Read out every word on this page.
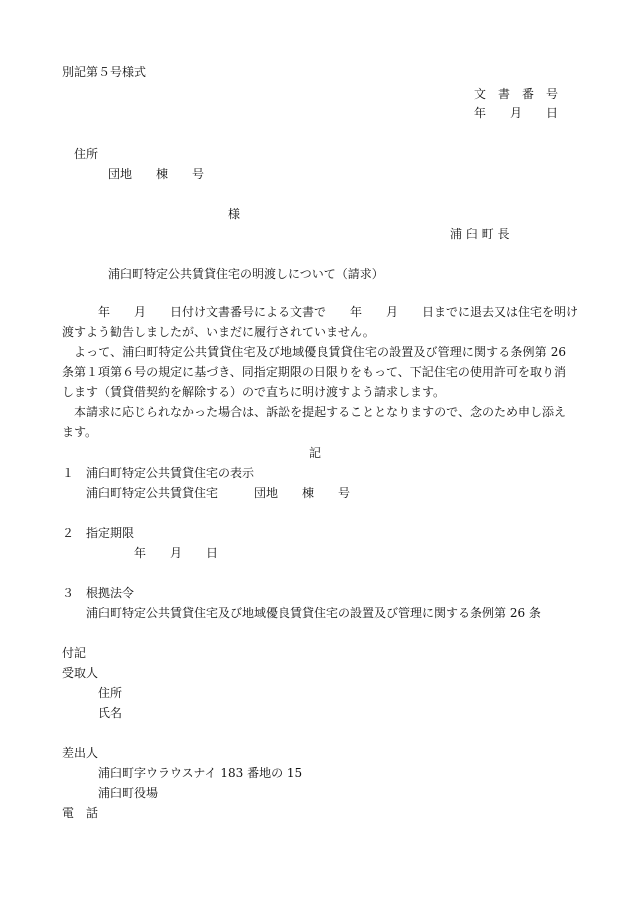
別記第５号様式
文　書　番　号
年　　月　　日
住所
団地　　棟　　号
様
浦 臼 町 長
浦臼町特定公共賃貸住宅の明渡しについて（請求）
年　　月　　日付け文書番号による文書で　　年　　月　　日までに退去又は住宅を明け
渡すよう勧告しましたが、いまだに履行されていません。
よって、浦臼町特定公共賃貸住宅及び地域優良賃貸住宅の設置及び管理に関する条例第 26 条第１項第６号の規定に基づき、同指定期限の日限りをもって、下記住宅の使用許可を取り消します（賃貸借契約を解除する）ので直ちに明け渡すよう請求します。
本請求に応じられなかった場合は、訴訟を提起することとなりますので、念のため申し添えます。
記
１　浦臼町特定公共賃貸住宅の表示
浦臼町特定公共賃貸住宅　　　団地　　棟　　号
２　指定期限
年　　月　　日
３　根拠法令
浦臼町特定公共賃貸住宅及び地域優良賃貸住宅の設置及び管理に関する条例第 26 条
付記
受取人
住所
氏名
差出人
浦臼町字ウラウスナイ 183 番地の 15
浦臼町役場
電　話
